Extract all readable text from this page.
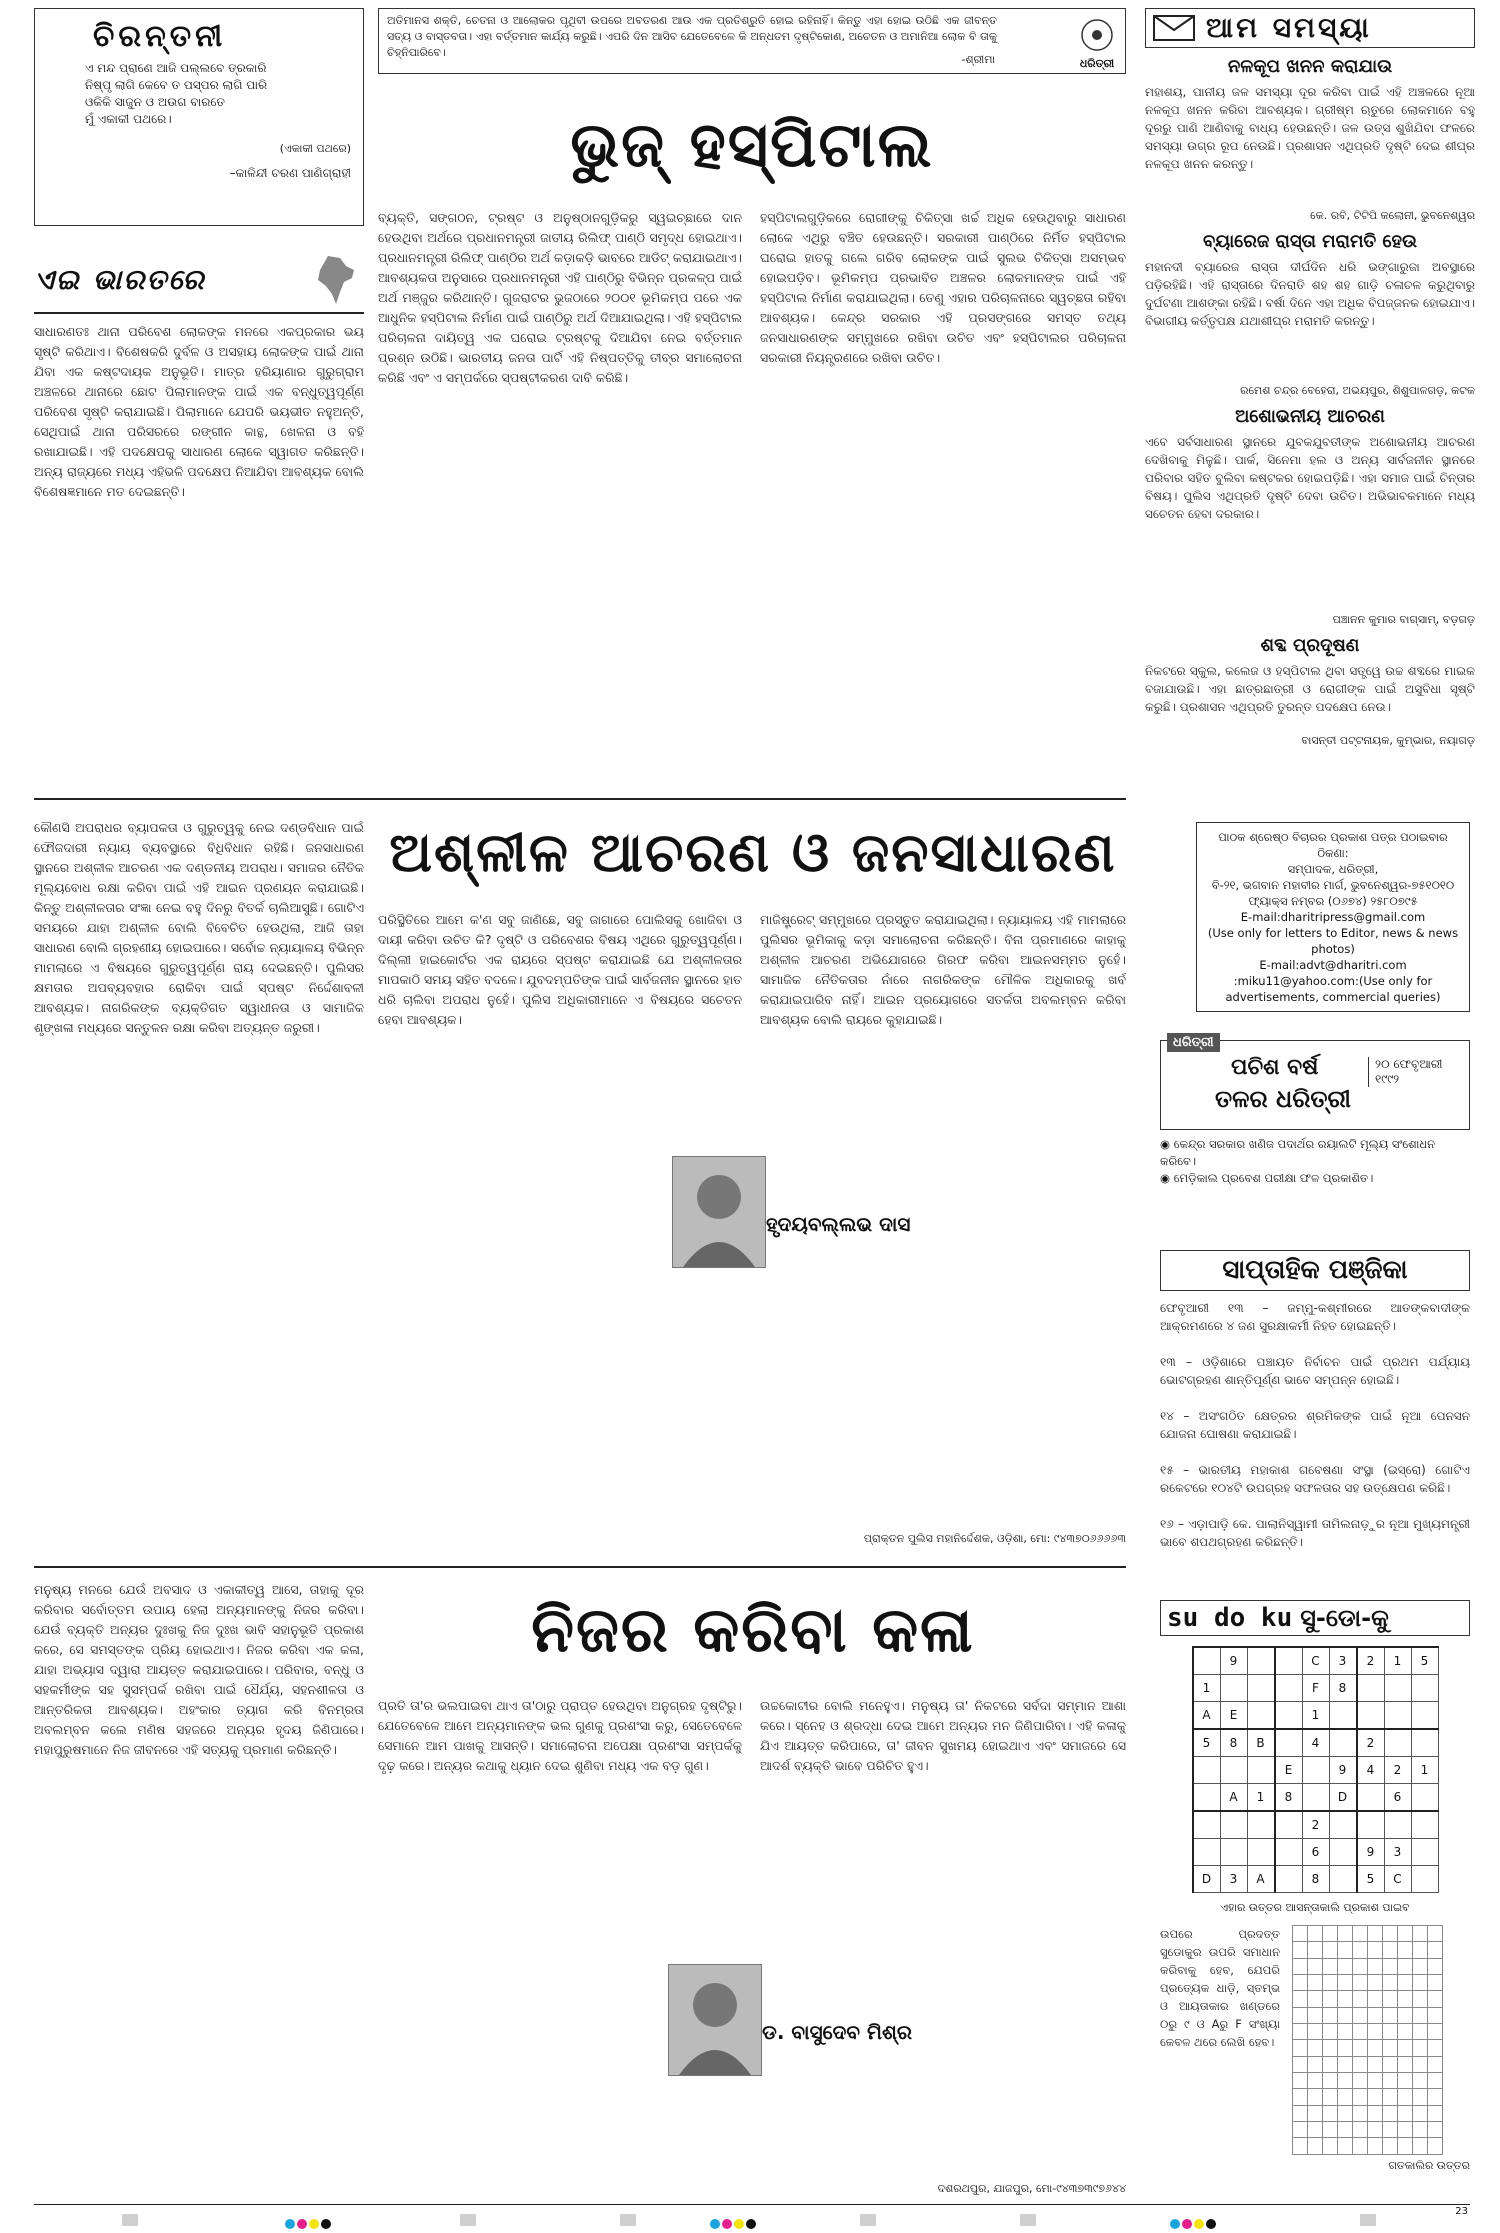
ଚିରନ୍ତନୀ
ଏ ମନ୍ଦ ପ୍ରାଣେ ଆଜି ପଲ୍ଲବେ ତ୍ରକାରି
ନିଷ୍ପୃ ଲାଗି କେବେ ତ ପସ୍ପର ଲାଗି ପାରି
ଓକିକି ସାଜୁନ ଓ ଅଉଗ ବାରତେ
ମୁଁ ଏକାକୀ ପଥରେ।
(ଏକାକୀ ପଥରେ)
–କାଳିନ୍ଦୀ ଚରଣ ପାଣିଗ୍ରାହୀ
ଏଇ ଭାରତରେ
ସାଧାରଣତଃ ଥାନା ପରିବେଶ ଲୋକଙ୍କ ମନରେ ଏକପ୍ରକାର ଭୟ ସୃଷ୍ଟି କରିଥାଏ। ବିଶେଷକରି ଦୁର୍ବଳ ଓ ଅସହାୟ ଲୋକଙ୍କ ପାଇଁ ଥାନା ଯିବା ଏକ କଷ୍ଟଦାୟକ ଅନୁଭୂତି। ମାତ୍ର ହରିୟାଣାର ଗୁରୁଗ୍ରାମ ଅଞ୍ଚଳରେ ଥାନାରେ ଛୋଟ ପିଲାମାନଙ୍କ ପାଇଁ ଏକ ବନ୍ଧୁତ୍ୱପୂର୍ଣ୍ଣ ପରିବେଶ ସୃଷ୍ଟି କରାଯାଇଛି। ପିଲାମାନେ ଯେପରି ଭୟଭୀତ ନହୁଅନ୍ତି, ସେଥିପାଇଁ ଥାନା ପରିସରରେ ରଙ୍ଗୀନ କାନ୍ଥ, ଖେଳନା ଓ ବହି ରଖାଯାଇଛି। ଏହି ପଦକ୍ଷେପକୁ ସାଧାରଣ ଲୋକେ ସ୍ୱାଗତ କରିଛନ୍ତି। ଅନ୍ୟ ରାଜ୍ୟରେ ମଧ୍ୟ ଏହିଭଳି ପଦକ୍ଷେପ ନିଆଯିବା ଆବଶ୍ୟକ ବୋଲି ବିଶେଷଜ୍ଞମାନେ ମତ ଦେଇଛନ୍ତି।
ଅତିମାନସ ଶକ୍ତି, ଚେତନା ଓ ଆଲୋକର ପୃଥିବୀ ଉପରେ ଅବତରଣ ଆଉ ଏକ ପ୍ରତିଶ୍ରୁତି ହୋଇ ରହିନାହିଁ। କିନ୍ତୁ ଏହା ହୋଇ ଉଠିଛି ଏକ ଜୀବନ୍ତ ସତ୍ୟ ଓ ବାସ୍ତବତା। ଏହା ବର୍ତ୍ତମାନ କାର୍ଯ୍ୟ କରୁଛି। ଏପରି ଦିନ ଆସିବ ଯେତେବେଳେ କି ଅନ୍ଧତମ ଦୃଷ୍ଟିକୋଣ, ଅଚେତନ ଓ ଅମାନିଆ ଲୋକ ବି ତାକୁ ଚିହ୍ନିପାରିବେ।
-ଶ୍ରୀମା	ଧରିତ୍ରୀ
ଭୁଜ୍ ହସ୍ପିଟାଲ
ବ୍ୟକ୍ତି, ସଙ୍ଗଠନ, ଟ୍ରଷ୍ଟ ଓ ଅନୁଷ୍ଠାନଗୁଡ଼ିକରୁ ସ୍ୱଇଚ୍ଛାରେ ଦାନ ହେଉଥିବା ଅର୍ଥରେ ପ୍ରଧାନମନ୍ତ୍ରୀ ଜାତୀୟ ରିଲିଫ୍ ପାଣ୍ଠି ସମୃଦ୍ଧ ହୋଇଥାଏ। ପ୍ରଧାନମନ୍ତ୍ରୀ ରିଲିଫ୍ ପାଣ୍ଠିର ଅର୍ଥ କଡ଼ାକଡ଼ି ଭାବରେ ଆଡିଟ୍ କରାଯାଇଥାଏ। ଆବଶ୍ୟକତା ଅନୁସାରେ ପ୍ରଧାନମନ୍ତ୍ରୀ ଏହି ପାଣ୍ଠିରୁ ବିଭିନ୍ନ ପ୍ରକଳ୍ପ ପାଇଁ ଅର୍ଥ ମଞ୍ଜୁର କରିଥାନ୍ତି। ଗୁଜରାଟର ଭୁଜଠାରେ ୨୦୦୧ ଭୂମିକମ୍ପ ପରେ ଏକ ଆଧୁନିକ ହସ୍ପିଟାଲ ନିର୍ମାଣ ପାଇଁ ପାଣ୍ଠିରୁ ଅର୍ଥ ଦିଆଯାଇଥିଲା। ଏହି ହସ୍ପିଟାଲ ପରିଚାଳନା ଦାୟିତ୍ୱ ଏକ ଘରୋଇ ଟ୍ରଷ୍ଟକୁ ଦିଆଯିବା ନେଇ ବର୍ତ୍ତମାନ ପ୍ରଶ୍ନ ଉଠିଛି। ଭାରତୀୟ ଜନତା ପାର୍ଟି ଏହି ନିଷ୍ପତ୍ତିକୁ ତୀବ୍ର ସମାଲୋଚନା କରିଛି ଏବଂ ଏ ସମ୍ପର୍କରେ ସ୍ପଷ୍ଟୀକରଣ ଦାବି କରିଛି।
ହସ୍ପିଟାଲଗୁଡ଼ିକରେ ରୋଗୀଙ୍କୁ ଚିକିତ୍ସା ଖର୍ଚ୍ଚ ଅଧିକ ହେଉଥିବାରୁ ସାଧାରଣ ଲୋକେ ଏଥିରୁ ବଞ୍ଚିତ ହେଉଛନ୍ତି। ସରକାରୀ ପାଣ୍ଠିରେ ନିର୍ମିତ ହସ୍ପିଟାଲ ଘରୋଇ ହାତକୁ ଗଲେ ଗରିବ ଲୋକଙ୍କ ପାଇଁ ସୁଲଭ ଚିକିତ୍ସା ଅସମ୍ଭବ ହୋଇପଡ଼ିବ। ଭୂମିକମ୍ପ ପ୍ରଭାବିତ ଅଞ୍ଚଳର ଲୋକମାନଙ୍କ ପାଇଁ ଏହି ହସ୍ପିଟାଲ ନିର୍ମାଣ କରାଯାଇଥିଲା। ତେଣୁ ଏହାର ପରିଚାଳନାରେ ସ୍ୱଚ୍ଛତା ରହିବା ଆବଶ୍ୟକ। କେନ୍ଦ୍ର ସରକାର ଏହି ପ୍ରସଙ୍ଗରେ ସମସ୍ତ ତଥ୍ୟ ଜନସାଧାରଣଙ୍କ ସମ୍ମୁଖରେ ରଖିବା ଉଚିତ ଏବଂ ହସ୍ପିଟାଲର ପରିଚାଳନା ସରକାରୀ ନିୟନ୍ତ୍ରଣରେ ରଖିବା ଉଚିତ।
ଆମ ସମସ୍ୟା
ନଳକୂପ ଖନନ କରାଯାଉ
ମହାଶୟ, ପାନୀୟ ଜଳ ସମସ୍ୟା ଦୂର କରିବା ପାଇଁ ଏହି ଅଞ୍ଚଳରେ ନୂଆ ନଳକୂପ ଖନନ କରିବା ଆବଶ୍ୟକ। ଗ୍ରୀଷ୍ମ ଋତୁରେ ଲୋକମାନେ ବହୁ ଦୂରରୁ ପାଣି ଆଣିବାକୁ ବାଧ୍ୟ ହେଉଛନ୍ତି। ଜଳ ଉତ୍ସ ଶୁଖିଯିବା ଫଳରେ ସମସ୍ୟା ଉଗ୍ର ରୂପ ନେଉଛି। ପ୍ରଶାସନ ଏଥିପ୍ରତି ଦୃଷ୍ଟି ଦେଇ ଶୀଘ୍ର ନଳକୂପ ଖନନ କରନ୍ତୁ।
କେ. ରବି, ଟିଟିପି କଲୋନୀ, ଭୁବନେଶ୍ୱର
ବ୍ୟାରେଜ ରାସ୍ତା ମରାମତି ହେଉ
ମହାନଦୀ ବ୍ୟାରେଜ ରାସ୍ତା ଦୀର୍ଘଦିନ ଧରି ଭଙ୍ଗାରୁଜା ଅବସ୍ଥାରେ ପଡ଼ିରହିଛି। ଏହି ରାସ୍ତାରେ ଦିନରାତି ଶହ ଶହ ଗାଡ଼ି ଚଳାଚଳ କରୁଥିବାରୁ ଦୁର୍ଘଟଣା ଆଶଙ୍କା ରହିଛି। ବର୍ଷା ଦିନେ ଏହା ଅଧିକ ବିପଜ୍ଜନକ ହୋଇଯାଏ। ବିଭାଗୀୟ କର୍ତ୍ତୃପକ୍ଷ ଯଥାଶୀଘ୍ର ମରାମତି କରନ୍ତୁ।
ରମେଶ ଚନ୍ଦ୍ର ବେହେରା, ଅଭୟପୁର, ଶିଶୁପାଳଗଡ଼, କଟକ
ଅଶୋଭନୀୟ ଆଚରଣ
ଏବେ ସର୍ବସାଧାରଣ ସ୍ଥାନରେ ଯୁବକଯୁବତୀଙ୍କ ଅଶୋଭନୀୟ ଆଚରଣ ଦେଖିବାକୁ ମିଳୁଛି। ପାର୍କ, ସିନେମା ହଲ ଓ ଅନ୍ୟ ସାର୍ବଜନୀନ ସ୍ଥାନରେ ପରିବାର ସହିତ ବୁଲିବା କଷ୍ଟକର ହୋଇପଡ଼ିଛି। ଏହା ସମାଜ ପାଇଁ ଚିନ୍ତାର ବିଷୟ। ପୁଲିସ ଏଥିପ୍ରତି ଦୃଷ୍ଟି ଦେବା ଉଚିତ। ଅଭିଭାବକମାନେ ମଧ୍ୟ ସଚେତନ ହେବା ଦରକାର।
ପଞ୍ଚାନନ କୁମାର ବାଗ୍‌ସାମ୍‌, ବଡ଼ଗଡ଼
ଶବ୍ଦ ପ୍ରଦୂଷଣ
ନିକଟରେ ସ୍କୁଲ, କଲେଜ ଓ ହସ୍ପିଟାଲ ଥିବା ସତ୍ତ୍ୱେ ଉଚ୍ଚ ଶବ୍ଦରେ ମାଇକ ବଜାଯାଉଛି। ଏହା ଛାତ୍ରଛାତ୍ରୀ ଓ ରୋଗୀଙ୍କ ପାଇଁ ଅସୁବିଧା ସୃଷ୍ଟି କରୁଛି। ପ୍ରଶାସନ ଏଥିପ୍ରତି ତୁରନ୍ତ ପଦକ୍ଷେପ ନେଉ।
ବାସନ୍ତୀ ପଟ୍ଟନାୟକ, କୁମ୍ଭାର, ନୟାଗଡ଼
ଅଶ୍ଳୀଳ ଆଚରଣ ଓ ଜନସାଧାରଣ
କୌଣସି ଅପରାଧର ବ୍ୟାପକତା ଓ ଗୁରୁତ୍ୱକୁ ନେଇ ଦଣ୍ଡବିଧାନ ପାଇଁ ଫୌଜଦାରୀ ନ୍ୟାୟ ବ୍ୟବସ୍ଥାରେ ବିଧିବିଧାନ ରହିଛି। ଜନସାଧାରଣ ସ୍ଥାନରେ ଅଶ୍ଳୀଳ ଆଚରଣ ଏକ ଦଣ୍ଡନୀୟ ଅପରାଧ। ସମାଜର ନୈତିକ ମୂଲ୍ୟବୋଧ ରକ୍ଷା କରିବା ପାଇଁ ଏହି ଆଇନ ପ୍ରଣୟନ କରାଯାଇଛି। କିନ୍ତୁ ଅଶ୍ଳୀଳତାର ସଂଜ୍ଞା ନେଇ ବହୁ ଦିନରୁ ବିତର୍କ ଚାଲିଆସୁଛି। ଗୋଟିଏ ସମୟରେ ଯାହା ଅଶ୍ଳୀଳ ବୋଲି ବିବେଚିତ ହେଉଥିଲା, ଆଜି ତାହା ସାଧାରଣ ବୋଲି ଗ୍ରହଣୀୟ ହୋଇପାରେ। ସର୍ବୋଚ୍ଚ ନ୍ୟାୟାଳୟ ବିଭିନ୍ନ ମାମଲାରେ ଏ ବିଷୟରେ ଗୁରୁତ୍ୱପୂର୍ଣ୍ଣ ରାୟ ଦେଇଛନ୍ତି। ପୁଲିସର କ୍ଷମତାର ଅପବ୍ୟବହାର ରୋକିବା ପାଇଁ ସ୍ପଷ୍ଟ ନିର୍ଦ୍ଦେଶାବଳୀ ଆବଶ୍ୟକ। ନାଗରିକଙ୍କ ବ୍ୟକ୍ତିଗତ ସ୍ୱାଧୀନତା ଓ ସାମାଜିକ ଶୃଙ୍ଖଳା ମଧ୍ୟରେ ସନ୍ତୁଳନ ରକ୍ଷା କରିବା ଅତ୍ୟନ୍ତ ଜରୁରୀ।
ପରିସ୍ଥିତିରେ ଆମେ କ'ଣ ସବୁ ଜାଣିଛେ, ସବୁ ଜାଗାରେ ପୋଲିସକୁ ଖୋଜିବା ଓ ଦାୟୀ କରିବା ଉଚିତ କି? ଦୃଷ୍ଟି ଓ ପରିବେଶର ବିଷୟ ଏଥିରେ ଗୁରୁତ୍ୱପୂର୍ଣ୍ଣ। ଦିଲ୍ଲୀ ହାଇକୋର୍ଟର ଏକ ରାୟରେ ସ୍ପଷ୍ଟ କରାଯାଇଛି ଯେ ଅଶ୍ଳୀଳତାର ମାପକାଠି ସମୟ ସହିତ ବଦଳେ। ଯୁବଦମ୍ପତିଙ୍କ ପାଇଁ ସାର୍ବଜନୀନ ସ୍ଥାନରେ ହାତ ଧରି ଚାଲିବା ଅପରାଧ ନୁହେଁ। ପୁଲିସ ଅଧିକାରୀମାନେ ଏ ବିଷୟରେ ସଚେତନ ହେବା ଆବଶ୍ୟକ।
ମାଜିଷ୍ଟ୍ରେଟ୍ ସମ୍ମୁଖରେ ପ୍ରସ୍ତୁତ କରାଯାଇଥିଲା। ନ୍ୟାୟାଳୟ ଏହି ମାମଲାରେ ପୁଲିସର ଭୂମିକାକୁ କଡ଼ା ସମାଲୋଚନା କରିଛନ୍ତି। ବିନା ପ୍ରମାଣରେ କାହାକୁ ଅଶ୍ଳୀଳ ଆଚରଣ ଅଭିଯୋଗରେ ଗିରଫ କରିବା ଆଇନସମ୍ମତ ନୁହେଁ। ସାମାଜିକ ନୈତିକତାର ନାଁରେ ନାଗରିକଙ୍କ ମୌଳିକ ଅଧିକାରକୁ ଖର୍ବ କରାଯାଇପାରିବ ନାହିଁ। ଆଇନ ପ୍ରୟୋଗରେ ସତର୍କତା ଅବଲମ୍ବନ କରିବା ଆବଶ୍ୟକ ବୋଲି ରାୟରେ କୁହାଯାଇଛି।
ହୃଦୟବଲ୍ଲଭ ଦାସ
ପ୍ରାକ୍ତନ ପୁଲିସ ମହାନିର୍ଦ୍ଦେଶକ, ଓଡ଼ିଶା, ମୋ: ୯୪୩୭୦୬୬୬୬୩
ପାଠକ ଶ୍ରେଷ୍ଠ ବିଚାରର ପ୍ରକାଶ ପତ୍ର ପଠାଇବାର ଠିକଣା:
ସମ୍ପାଦକ, ଧରିତ୍ରୀ,
ବି-୨୧, ଭଗବାନ ମହାବୀର ମାର୍ଗ, ଭୁବନେଶ୍ୱର-୭୫୧୦୧୦
ଫ୍ୟାକ୍ସ ନମ୍ବର (୦୬୭୪) ୨୫୮୦୭୯୫
E-mail:dharitripress@gmail.com
(Use only for letters to Editor, news & news photos)
E-mail:advt@dharitri.com
:miku11@yahoo.com:(Use only for advertisements, commercial queries)
ଧରିତ୍ରୀ
ପଚିଶ ବର୍ଷ
ତଳର ଧରିତ୍ରୀ
୨୦ ଫେବୃଆରୀ ୧୯୯୨
◉ କେନ୍ଦ୍ର ସରକାର ଖଣିଜ ପଦାର୍ଥର ରୟାଲଟି ମୂଲ୍ୟ ସଂଶୋଧନ କରିବେ।
◉ ମେଡ଼ିକାଲ ପ୍ରବେଶ ପରୀକ୍ଷା ଫଳ ପ୍ରକାଶିତ।
ସାପ୍ତାହିକ ପଞ୍ଜିକା
ଫେବୃଆରୀ ୧୩ – ଜମ୍ମୁ-କଶ୍ମୀରରେ ଆତଙ୍କବାଦୀଙ୍କ ଆକ୍ରମଣରେ ୪ ଜଣ ସୁରକ୍ଷାକର୍ମୀ ନିହତ ହୋଇଛନ୍ତି।
୧୩ – ଓଡ଼ିଶାରେ ପଞ୍ଚାୟତ ନିର୍ବାଚନ ପାଇଁ ପ୍ରଥମ ପର୍ଯ୍ୟାୟ ଭୋଟଗ୍ରହଣ ଶାନ୍ତିପୂର୍ଣ୍ଣ ଭାବେ ସମ୍ପନ୍ନ ହୋଇଛି।
୧୪ – ଅସଂଗଠିତ କ୍ଷେତ୍ରର ଶ୍ରମିକଙ୍କ ପାଇଁ ନୂଆ ପେନସନ ଯୋଜନା ଘୋଷଣା କରାଯାଇଛି।
୧୫ – ଭାରତୀୟ ମହାକାଶ ଗବେଷଣା ସଂସ୍ଥା (ଇସ୍ରୋ) ଗୋଟିଏ ରକେଟରେ ୧୦୪ଟି ଉପଗ୍ରହ ସଫଳତାର ସହ ଉତ୍କ୍ଷେପଣ କରିଛି।
୧୬ – ଏଡ଼ାପାଡ଼ି କେ. ପାଲାନିସ୍ୱାମୀ ତାମିଲନାଡ଼ୁର ନୂଆ ମୁଖ୍ୟମନ୍ତ୍ରୀ ଭାବେ ଶପଥଗ୍ରହଣ କରିଛନ୍ତି।
ନିଜର କରିବା କଳା
ମନୁଷ୍ୟ ମନରେ ଯେଉଁ ଅବସାଦ ଓ ଏକାକୀତ୍ୱ ଆସେ, ତାହାକୁ ଦୂର କରିବାର ସର୍ବୋତ୍ତମ ଉପାୟ ହେଲା ଅନ୍ୟମାନଙ୍କୁ ନିଜର କରିବା। ଯେଉଁ ବ୍ୟକ୍ତି ଅନ୍ୟର ଦୁଃଖକୁ ନିଜ ଦୁଃଖ ଭାବି ସହାନୁଭୂତି ପ୍ରକାଶ କରେ, ସେ ସମସ୍ତଙ୍କ ପ୍ରିୟ ହୋଇଥାଏ। ନିଜର କରିବା ଏକ କଳା, ଯାହା ଅଭ୍ୟାସ ଦ୍ୱାରା ଆୟତ୍ତ କରାଯାଇପାରେ। ପରିବାର, ବନ୍ଧୁ ଓ ସହକର୍ମୀଙ୍କ ସହ ସୁସମ୍ପର୍କ ରଖିବା ପାଇଁ ଧୈର୍ଯ୍ୟ, ସହନଶୀଳତା ଓ ଆନ୍ତରିକତା ଆବଶ୍ୟକ। ଅହଂକାର ତ୍ୟାଗ କରି ବିନମ୍ରତା ଅବଲମ୍ବନ କଲେ ମଣିଷ ସହଜରେ ଅନ୍ୟର ହୃଦୟ ଜିଣିପାରେ। ମହାପୁରୁଷମାନେ ନିଜ ଜୀବନରେ ଏହି ସତ୍ୟକୁ ପ୍ରମାଣ କରିଛନ୍ତି।
ପ୍ରତି ତା'ର ଭଲପାଇବା ଥାଏ ତା'ଠାରୁ ପ୍ରାପ୍ତ ହେଉଥିବା ଅନୁଗ୍ରହ ଦୃଷ୍ଟିରୁ। ଯେତେବେଳେ ଆମେ ଅନ୍ୟମାନଙ୍କ ଭଲ ଗୁଣକୁ ପ୍ରଶଂସା କରୁ, ସେତେବେଳେ ସେମାନେ ଆମ ପାଖକୁ ଆସନ୍ତି। ସମାଲୋଚନା ଅପେକ୍ଷା ପ୍ରଶଂସା ସମ୍ପର୍କକୁ ଦୃଢ଼ କରେ। ଅନ୍ୟର କଥାକୁ ଧ୍ୟାନ ଦେଇ ଶୁଣିବା ମଧ୍ୟ ଏକ ବଡ଼ ଗୁଣ।
ଉଚ୍ଚକୋଟୀର ବୋଲି ମନେହୁଏ। ମନୁଷ୍ୟ ତା' ନିକଟରେ ସର୍ବଦା ସମ୍ମାନ ଆଶା କରେ। ସ୍ନେହ ଓ ଶ୍ରଦ୍ଧା ଦେଇ ଆମେ ଅନ୍ୟର ମନ ଜିଣିପାରିବା। ଏହି କଳାକୁ ଯିଏ ଆୟତ୍ତ କରିପାରେ, ତା' ଜୀବନ ସୁଖମୟ ହୋଇଥାଏ ଏବଂ ସମାଜରେ ସେ ଆଦର୍ଶ ବ୍ୟକ୍ତି ଭାବେ ପରିଚିତ ହୁଏ।
ଡ. ବାସୁଦେବ ମିଶ୍ର
ଦଶରଥପୁର, ଯାଜପୁର, ମୋ-୯୪୩୭୩୯୭୬୪୪
su do ku ସୁ-ଡୋ-କୁ
	9			C	3	2	1	5
1				F	8			
A	E			1				
5	8	B		4		2		
			E		9	4	2	1
	A	1	8		D		6	
				2				
				6		9	3	
D	3	A		8		5	C	
ଏହାର ଉତ୍ତର ଆସନ୍ତାକାଲି ପ୍ରକାଶ ପାଇବ
ଉପରେ ପ୍ରଦତ୍ତ ସୁଡୋକୁର ଉପରି ସମାଧାନ କରିବାକୁ ହେବ, ଯେପରି ପ୍ରତ୍ୟେକ ଧାଡ଼ି, ସ୍ତମ୍ଭ ଓ ଆୟତାକାର ଖଣ୍ଡରେ ୦ରୁ ୯ ଓ Aରୁ F ସଂଖ୍ୟା କେବଳ ଥରେ ଲେଖି ହେବ।

ଗତକାଲିର ଉତ୍ତର
23
